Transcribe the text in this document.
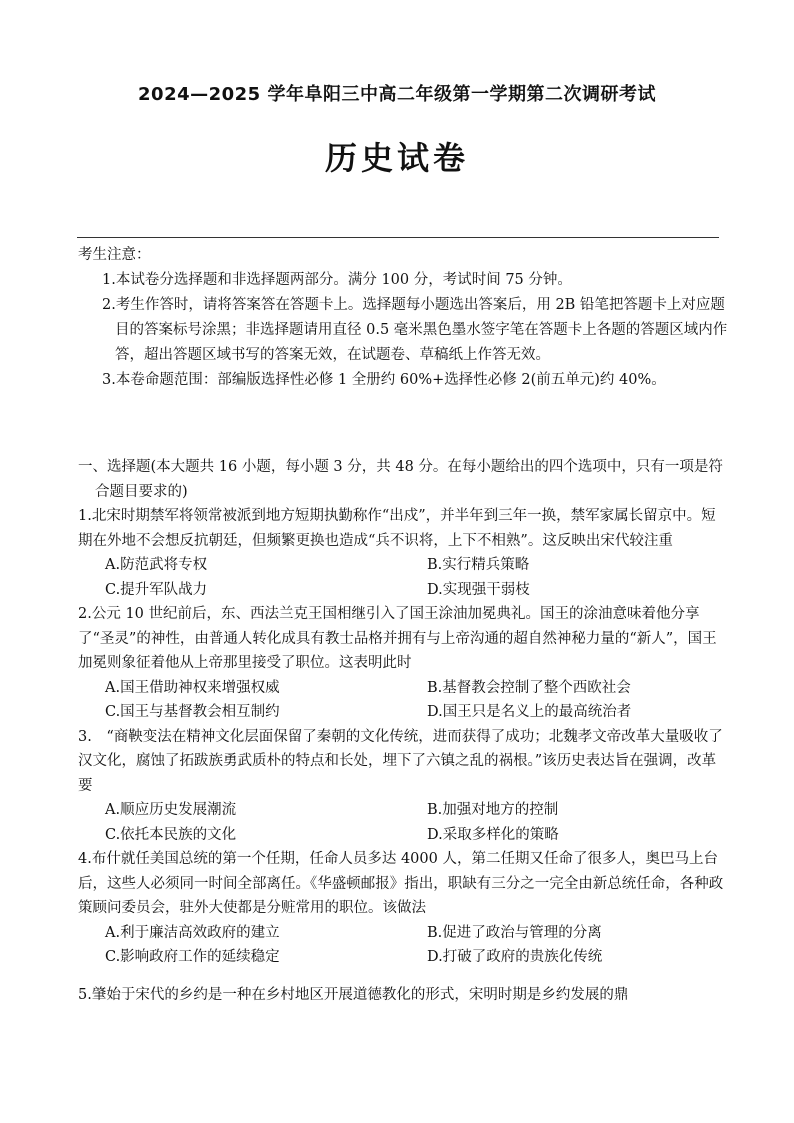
2024—2025 学年阜阳三中高二年级第一学期第二次调研考试
历史试卷

考生注意：

1.本试卷分选择题和非选择题两部分。满分 100 分，考试时间 75 分钟。

2.考生作答时，请将答案答在答题卡上。选择题每小题选出答案后，用 2B 铅笔把答题卡上对应题目的答案标号涂黑；非选择题请用直径 0.5 毫米黑色墨水签字笔在答题卡上各题的答题区域内作答，超出答题区域书写的答案无效，在试题卷、草稿纸上作答无效。

3.本卷命题范围：部编版选择性必修 1 全册约 60%+选择性必修 2(前五单元)约 40%。

一、选择题(本大题共 16 小题，每小题 3 分，共 48 分。在每小题给出的四个选项中，只有一项是符合题目要求的)

1.北宋时期禁军将领常被派到地方短期执勤称作“出戍”，并半年到三年一换，禁军家属长留京中。短期在外地不会想反抗朝廷，但频繁更换也造成“兵不识将，上下不相熟”。这反映出宋代较注重

A.防范武将专权	B.实行精兵策略
C.提升军队战力	D.实现强干弱枝

2.公元 10 世纪前后，东、西法兰克王国相继引入了国王涂油加冕典礼。国王的涂油意味着他分享了“圣灵”的神性，由普通人转化成具有教士品格并拥有与上帝沟通的超自然神秘力量的“新人”，国王加冕则象征着他从上帝那里接受了职位。这表明此时

A.国王借助神权来增强权威	B.基督教会控制了整个西欧社会
C.国王与基督教会相互制约	D.国王只是名义上的最高统治者

3.　“商鞅变法在精神文化层面保留了秦朝的文化传统，进而获得了成功；北魏孝文帝改革大量吸收了汉文化，腐蚀了拓跋族勇武质朴的特点和长处，埋下了六镇之乱的祸根。”该历史表达旨在强调，改革要

A.顺应历史发展潮流	B.加强对地方的控制
C.依托本民族的文化	D.采取多样化的策略

4.布什就任美国总统的第一个任期，任命人员多达 4000 人，第二任期又任命了很多人，奥巴马上台后，这些人必须同一时间全部离任。《华盛顿邮报》指出，职缺有三分之一完全由新总统任命，各种政策顾问委员会，驻外大使都是分赃常用的职位。该做法

A.利于廉洁高效政府的建立	B.促进了政治与管理的分离
C.影响政府工作的延续稳定	D.打破了政府的贵族化传统

5.肇始于宋代的乡约是一种在乡村地区开展道德教化的形式，宋明时期是乡约发展的鼎
